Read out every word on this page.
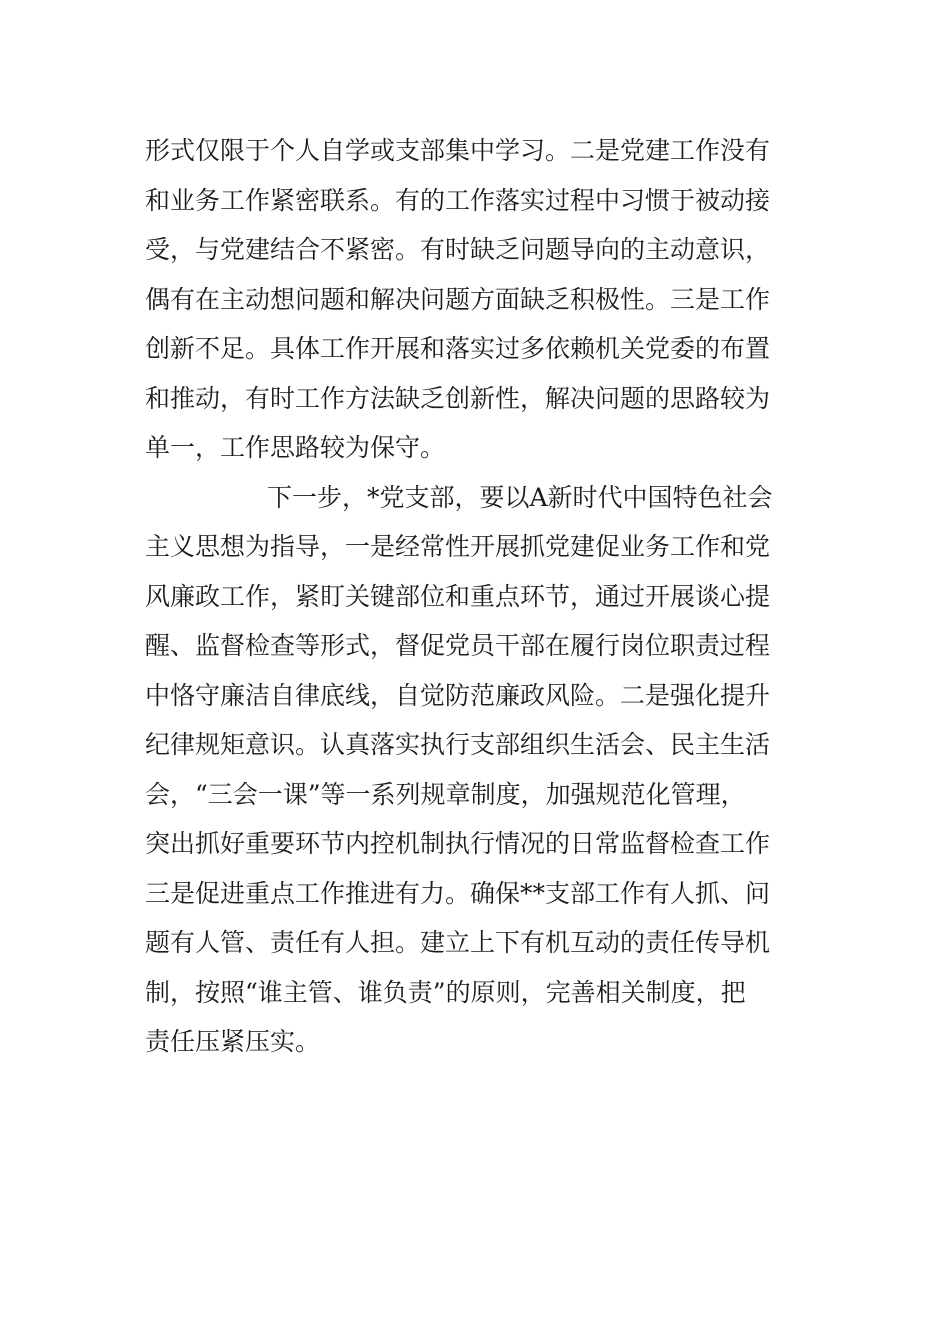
形式仅限于个人自学或支部集中学习。二是党建工作没有
和业务工作紧密联系。有的工作落实过程中习惯于被动接
受，与党建结合不紧密。有时缺乏问题导向的主动意识，
偶有在主动想问题和解决问题方面缺乏积极性。三是工作
创新不足。具体工作开展和落实过多依赖机关党委的布置
和推动，有时工作方法缺乏创新性，解决问题的思路较为
单一，工作思路较为保守。
下一步，*党支部，要以A新时代中国特色社会
主义思想为指导，一是经常性开展抓党建促业务工作和党
风廉政工作，紧盯关键部位和重点环节，通过开展谈心提
醒、监督检查等形式，督促党员干部在履行岗位职责过程
中恪守廉洁自律底线，自觉防范廉政风险。二是强化提升
纪律规矩意识。认真落实执行支部组织生活会、民主生活
会，“三会一课”等一系列规章制度，加强规范化管理，
突出抓好重要环节内控机制执行情况的日常监督检查工作
三是促进重点工作推进有力。确保**支部工作有人抓、问
题有人管、责任有人担。建立上下有机互动的责任传导机
制，按照“谁主管、谁负责”的原则，完善相关制度，把
责任压紧压实。
